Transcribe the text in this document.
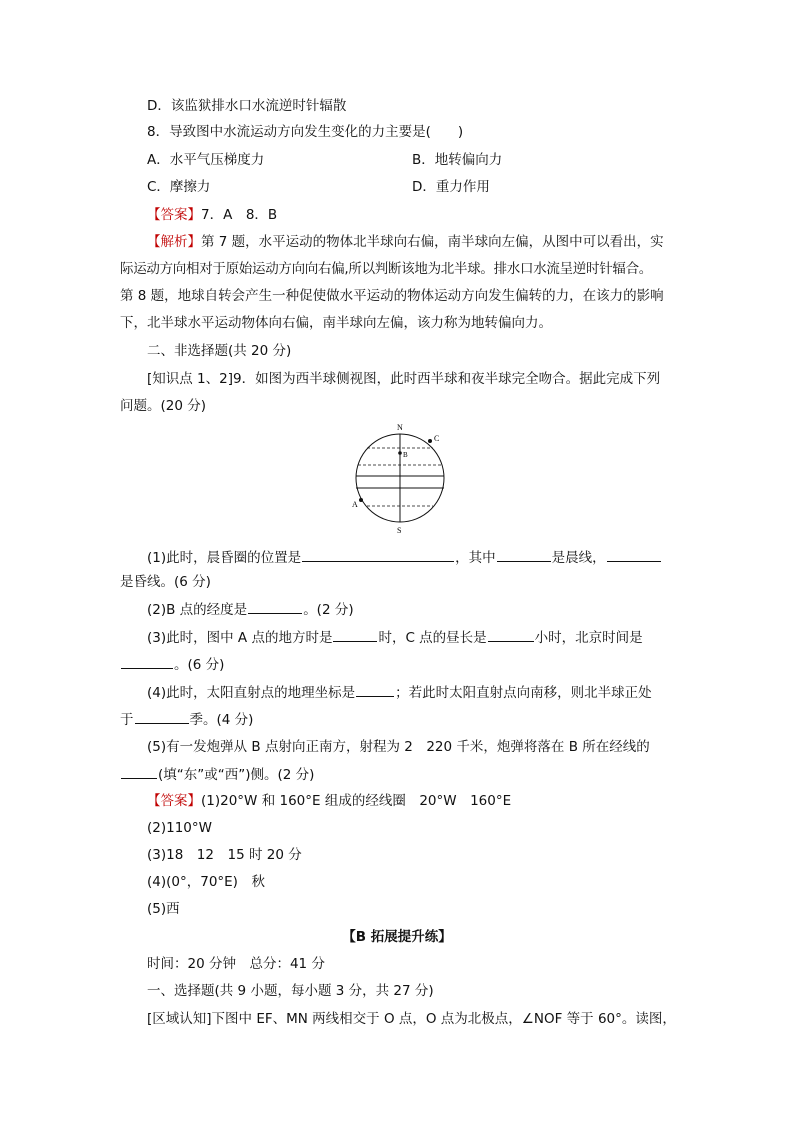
D．该监狱排水口水流逆时针辐散
8．导致图中水流运动方向发生变化的力主要是(　　)
A．水平气压梯度力	B．地转偏向力
C．摩擦力	D．重力作用
【答案】7．A　8．B
【解析】第 7 题，水平运动的物体北半球向右偏，南半球向左偏，从图中可以看出，实
际运动方向相对于原始运动方向向右偏,所以判断该地为北半球。排水口水流呈逆时针辐合。
第 8 题，地球自转会产生一种促使做水平运动的物体运动方向发生偏转的力，在该力的影响
下，北半球水平运动物体向右偏，南半球向左偏，该力称为地转偏向力。
二、非选择题(共 20 分)
[知识点 1、2]9．如图为西半球侧视图，此时西半球和夜半球完全吻合。据此完成下列
问题。(20 分)
N
S
A
B
C
(1)此时，晨昏圈的位置是	，其中	是晨线，
是昏线。(6 分)
(2)B 点的经度是	。(2 分)
(3)此时，图中 A 点的地方时是	时，C 点的昼长是	小时，北京时间是
。(6 分)
(4)此时，太阳直射点的地理坐标是	；若此时太阳直射点向南移，则北半球正处
于	季。(4 分)
(5)有一发炮弹从 B 点射向正南方，射程为 2　220 千米，炮弹将落在 B 所在经线的
(填“东”或“西”)侧。(2 分)
【答案】(1)20°W 和 160°E 组成的经线圈　20°W　160°E
(2)110°W
(3)18　12　15 时 20 分
(4)(0°，70°E)　秋
(5)西
【B 拓展提升练】
时间：20 分钟　总分：41 分
一、选择题(共 9 小题，每小题 3 分，共 27 分)
[区域认知]下图中 EF、MN 两线相交于 O 点，O 点为北极点，∠NOF 等于 60°。读图，
